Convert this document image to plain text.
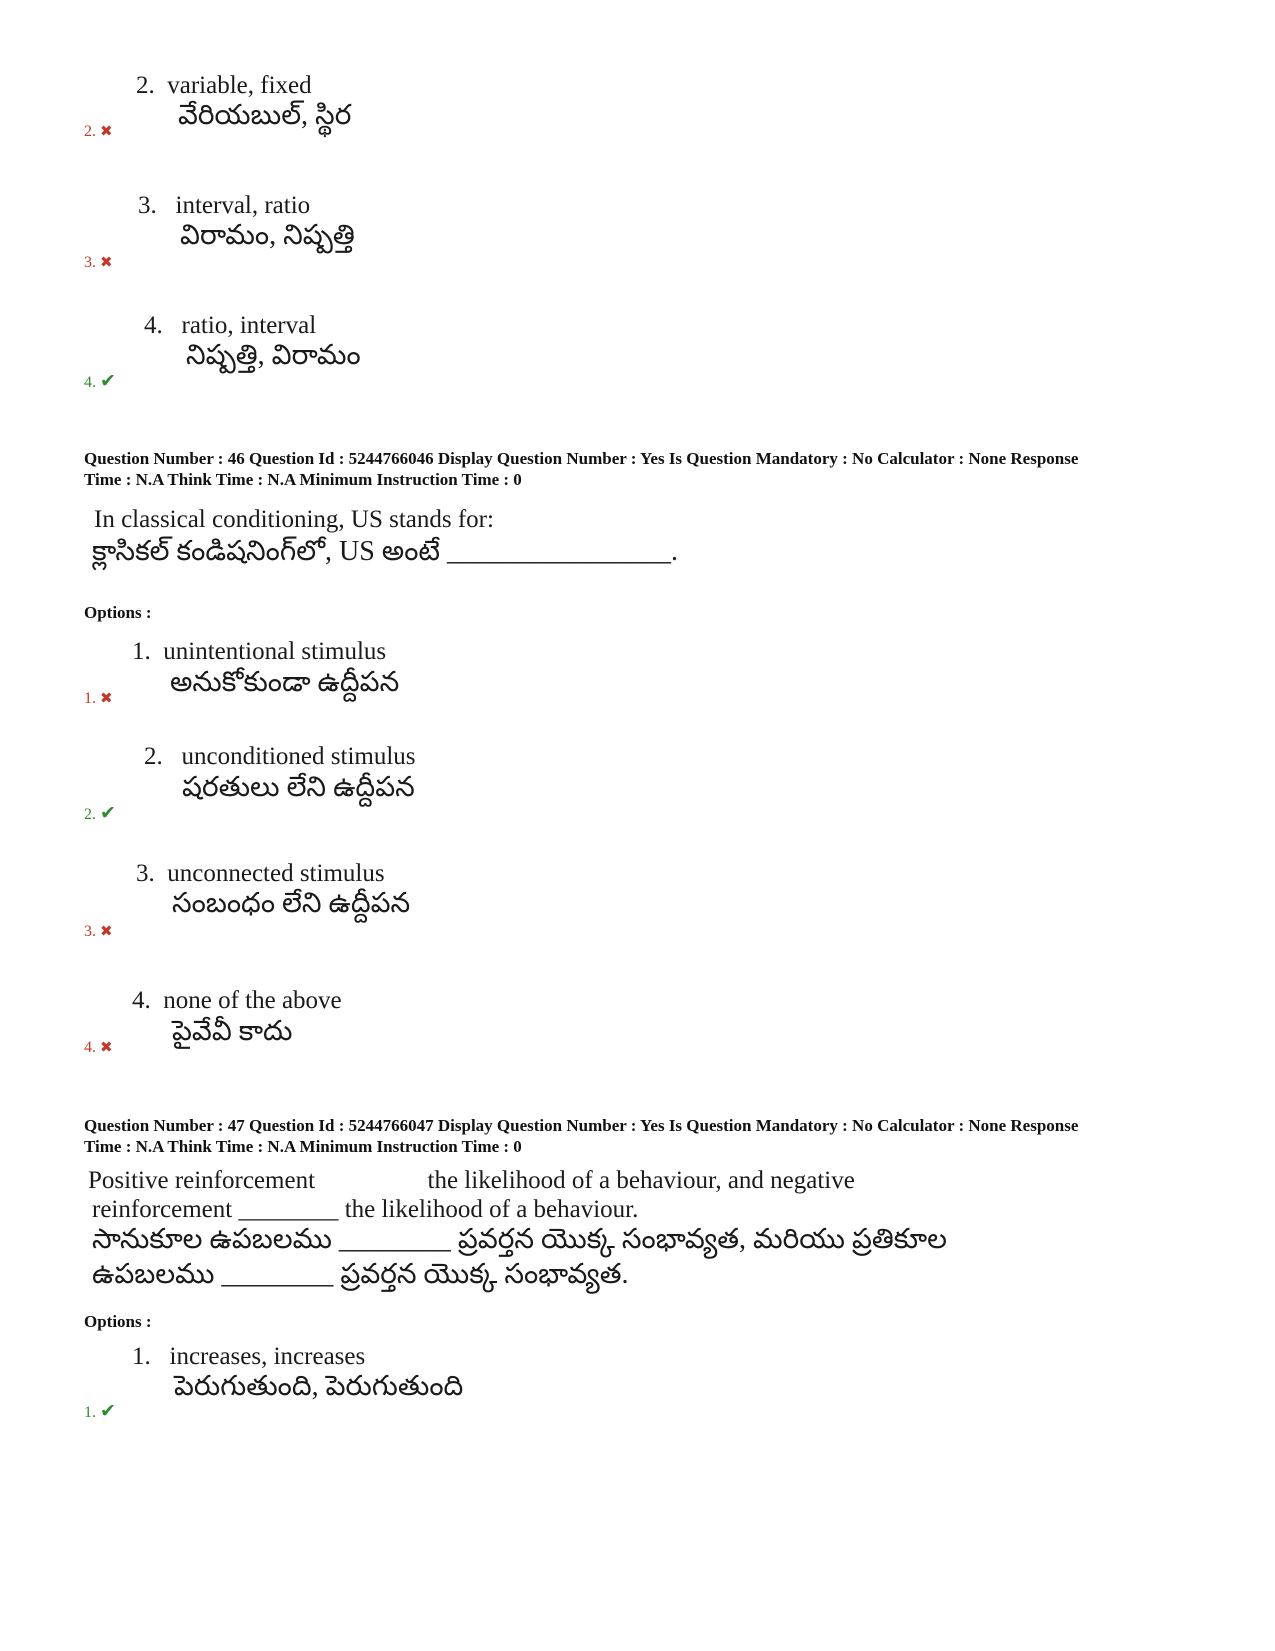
2. variable, fixed
వేరియబుల్, స్థిర
2. ✖
3. interval, ratio
విరామం, నిష్పత్తి
3. ✖
4. ratio, interval
నిష్పత్తి, విరామం
4. ✔
Question Number : 46 Question Id : 5244766046 Display Question Number : Yes Is Question Mandatory : No Calculator : None Response
Time : N.A Think Time : N.A Minimum Instruction Time : 0
In classical conditioning, US stands for:
క్లాసికల్ కండిషనింగ్‌లో, US అంటే ________________.
Options :
1. unintentional stimulus
అనుకోకుండా ఉద్దీపన
1. ✖
2. unconditioned stimulus
షరతులు లేని ఉద్దీపన
2. ✔
3. unconnected stimulus
సంబంధం లేని ఉద్దీపన
3. ✖
4. none of the above
పైవేవీ కాదు
4. ✖
Question Number : 47 Question Id : 5244766047 Display Question Number : Yes Is Question Mandatory : No Calculator : None Response
Time : N.A Think Time : N.A Minimum Instruction Time : 0
Positive reinforcement                  the likelihood of a behaviour, and negative
reinforcement ________ the likelihood of a behaviour.
సానుకూల ఉపబలము ________ ప్రవర్తన యొక్క సంభావ్యత, మరియు ప్రతికూల
ఉపబలము ________ ప్రవర్తన యొక్క సంభావ్యత.
Options :
1. increases, increases
పెరుగుతుంది, పెరుగుతుంది
1. ✔
